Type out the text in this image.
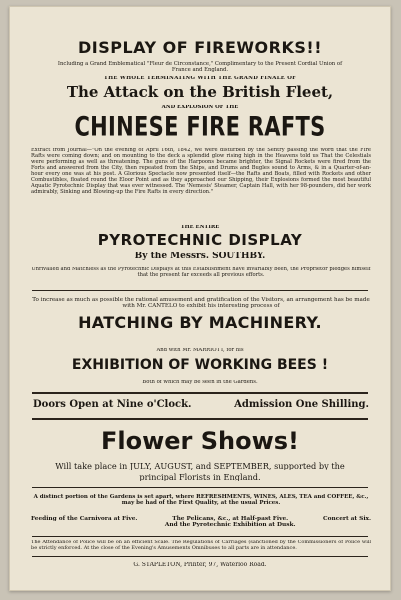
DISPLAY OF FIREWORKS!!
Including a Grand Emblematical "Fleur de Circonstance," Complimentary to the Present Cordial Union of France and England.
THE WHOLE TERMINATING WITH THE GRAND FINALE OF
The Attack on the British Fleet,
AND EXPLOSION OF THE
CHINESE FIRE RAFTS
Extract from Journal—"On the evening of April 16th, 1842, we were disturbed by the Sentry passing the word that the Fire Rafts were coming down; and on mounting to the deck a splendid glow rising high in the Heavens told us That the Celestials were performing as well as threatening. The guns of the Harpoons became brighter, the Signal Rockets were fired from the Forts and answered from the City, then repeated from the Ships, and Drums and Bugles sound to Arms, & in a Quarter-of-an-hour every one was at his post. A Glorious Spectacle now presented itself—the Rafts and Boats, filled with Rockets and other Combustibles, floated round the Eloor Point and as they approached our Shipping, their Explosions formed the most beautiful Aquatic Pyrotechnic Display that was ever witnessed. The 'Nemesis' Steamer, Captain Hall, with her 98-pounders, did her work admirably, Sinking and Blowing-up the Fire Rafts in every direction."
THE ENTIRE
PYROTECHNIC DISPLAY
By the Messrs. SOUTHBY.
Unrivalled and Matchless as the Pyrotechnic Displays at this Establishment have invariably been, the Proprietor pledges himself that the present far exceeds all previous efforts.
To increase as much as possible the rational amusement and gratification of the Visitors, an arrangement has be made with Mr. CANTELO to exhibit his interesting process of
HATCHING BY MACHINERY.
And with Mr. MARRIOTT, for his
EXHIBITION OF WORKING BEES !
Both of which may be seen in the Gardens.
Doors Open at Nine o'Clock.	Admission One Shilling.
Flower Shows!
Will take place in JULY, AUGUST, and SEPTEMBER, supported by the
principal Florists in England.
A distinct portion of the Gardens is set apart, where REFRESHMENTS, WINES, ALES, TEA and COFFEE, &c., may be had of the First Quality, at the usual Prices.
Feeding of the Carnivora at Five.	The Pelicans, &c., at Half-past Five.
And the Pyrotechnic Exhibition at Dusk.
Concert at Six.
The Attendance of Police will be on an efficient Scale. The Regulations of Carriages (sanctioned by the Commissioners of Police will be strictly enforced. At the close of the Evening's Amusements Omnibuses to all parts are in attendance.
G. STAPLETON, Printer, 97, Waterloo Road.
